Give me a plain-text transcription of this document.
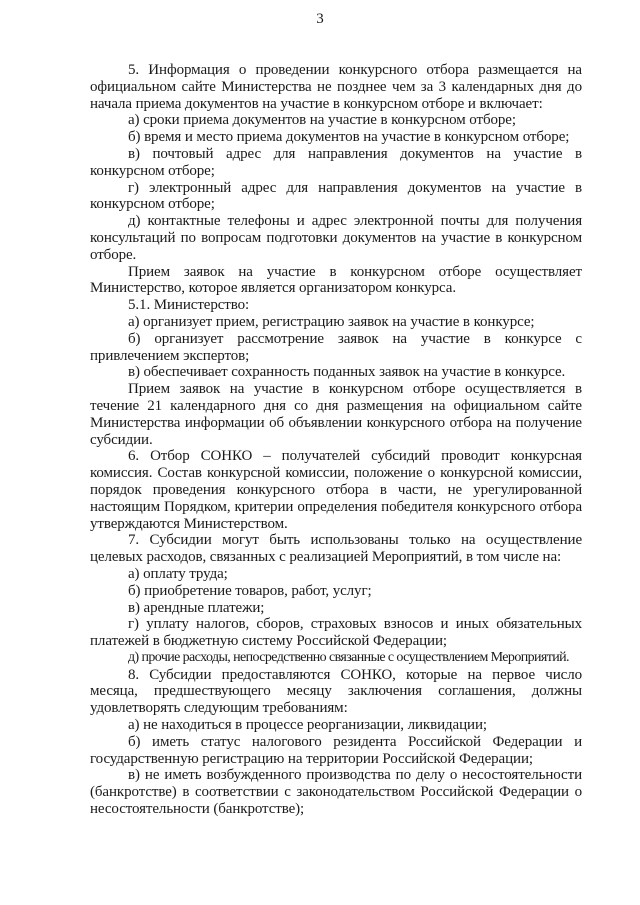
3

5. Информация о проведении конкурсного отбора размещается на официальном сайте Министерства не позднее чем за 3 календарных дня до начала приема документов на участие в конкурсном отборе и включает:

а) сроки приема документов на участие в конкурсном отборе;

б) время и место приема документов на участие в конкурсном отборе;

в) почтовый адрес для направления документов на участие в конкурсном отборе;

г) электронный адрес для направления документов на участие в конкурсном отборе;

д) контактные телефоны и адрес электронной почты для получения консультаций по вопросам подготовки документов на участие в конкурсном отборе.

Прием заявок на участие в конкурсном отборе осуществляет Министерство, которое является организатором конкурса.

5.1. Министерство:

а) организует прием, регистрацию заявок на участие в конкурсе;

б) организует рассмотрение заявок на участие в конкурсе с привлечением экспертов;

в) обеспечивает сохранность поданных заявок на участие в конкурсе.

Прием заявок на участие в конкурсном отборе осуществляется в течение 21 календарного дня со дня размещения на официальном сайте Министерства информации об объявлении конкурсного отбора на получение субсидии.

6. Отбор СОНКО – получателей субсидий проводит конкурсная комиссия. Состав конкурсной комиссии, положение о конкурсной комиссии, порядок проведения конкурсного отбора в части, не урегулированной настоящим Порядком, критерии определения победителя конкурсного отбора утверждаются Министерством.

7. Субсидии могут быть использованы только на осуществление целевых расходов, связанных с реализацией Мероприятий, в том числе на:

а) оплату труда;

б) приобретение товаров, работ, услуг;

в) арендные платежи;

г) уплату налогов, сборов, страховых взносов и иных обязательных платежей в бюджетную систему Российской Федерации;

д) прочие расходы, непосредственно связанные с осуществлением Мероприятий.

8. Субсидии предоставляются СОНКО, которые на первое число месяца, предшествующего месяцу заключения соглашения, должны удовлетворять следующим требованиям:

а) не находиться в процессе реорганизации, ликвидации;

б) иметь статус налогового резидента Российской Федерации и государственную регистрацию на территории Российской Федерации;

в) не иметь возбужденного производства по делу о несостоятельности (банкротстве) в соответствии с законодательством Российской Федерации о несостоятельности (банкротстве);
